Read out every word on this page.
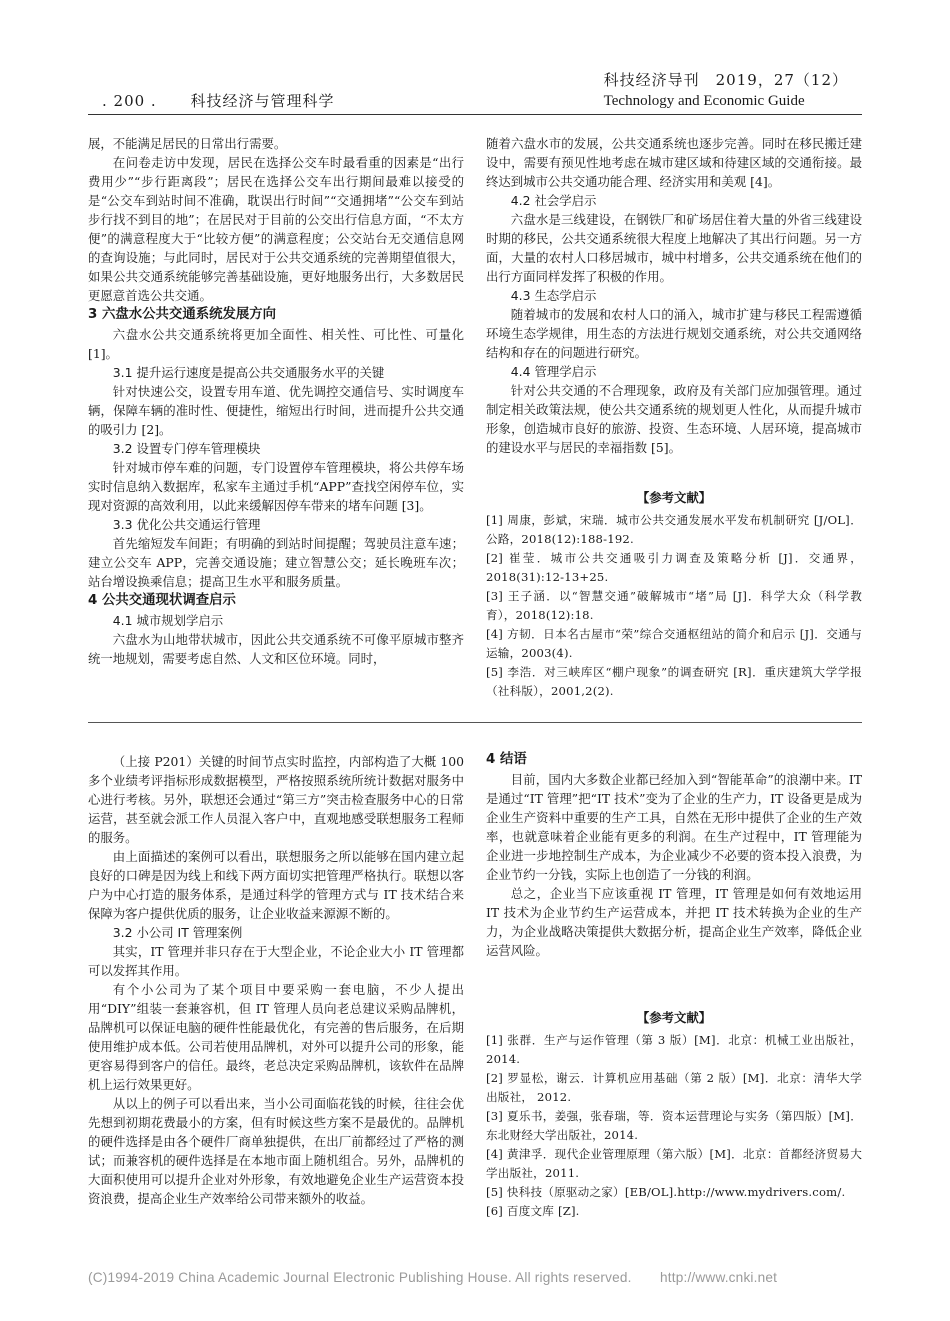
. 200 . 科技经济与管理科学
科技经济导刊　2019，27（12）
Technology and Economic Guide

展，不能满足居民的日常出行需要。

在问卷走访中发现，居民在选择公交车时最看重的因素是“出行费用少”“步行距离段”；居民在选择公交车出行期间最难以接受的是“公交车到站时间不准确，耽误出行时间”“交通拥堵”“公交车到站步行找不到目的地”；在居民对于目前的公交出行信息方面，“不太方便”的满意程度大于“比较方便”的满意程度；公交站台无交通信息网的查询设施；与此同时，居民对于公共交通系统的完善期望值很大，如果公共交通系统能够完善基础设施，更好地服务出行，大多数居民更愿意首选公共交通。

3 六盘水公共交通系统发展方向

六盘水公共交通系统将更加全面性、相关性、可比性、可量化 [1]。

3.1 提升运行速度是提高公共交通服务水平的关键

针对快速公交，设置专用车道、优先调控交通信号、实时调度车辆，保障车辆的准时性、便捷性，缩短出行时间，进而提升公共交通的吸引力 [2]。

3.2 设置专门停车管理模块

针对城市停车难的问题，专门设置停车管理模块，将公共停车场实时信息纳入数据库，私家车主通过手机“APP”查找空闲停车位，实现对资源的高效利用，以此来缓解因停车带来的堵车问题 [3]。

3.3 优化公共交通运行管理

首先缩短发车间距；有明确的到站时间提醒；驾驶员注意车速；建立公交车 APP，完善交通设施；建立智慧公交；延长晚班车次；站台增设换乘信息；提高卫生水平和服务质量。

4 公共交通现状调查启示
4.1 城市规划学启示

六盘水为山地带状城市，因此公共交通系统不可像平原城市整齐统一地规划，需要考虑自然、人文和区位环境。同时，

随着六盘水市的发展，公共交通系统也逐步完善。同时在移民搬迁建设中，需要有预见性地考虑在城市建区域和待建区域的交通衔接。最终达到城市公共交通功能合理、经济实用和美观 [4]。

4.2 社会学启示

六盘水是三线建设，在钢铁厂和矿场居住着大量的外省三线建设时期的移民，公共交通系统很大程度上地解决了其出行问题。另一方面，大量的农村人口移居城市，城中村增多，公共交通系统在他们的出行方面同样发挥了积极的作用。

4.3 生态学启示

随着城市的发展和农村人口的涌入，城市扩建与移民工程需遵循环境生态学规律，用生态的方法进行规划交通系统，对公共交通网络结构和存在的问题进行研究。

4.4 管理学启示

针对公共交通的不合理现象，政府及有关部门应加强管理。通过制定相关政策法规，使公共交通系统的规划更人性化，从而提升城市形象，创造城市良好的旅游、投资、生态环境、人居环境，提高城市的建设水平与居民的幸福指数 [5]。

【参考文献】
[1] 周康，彭斌，宋瑞．城市公共交通发展水平发布机制研究 [J/OL]．公路，2018(12):188-192.
[2] 崔莹．城市公共交通吸引力调查及策略分析 [J]．交通界，2018(31):12-13+25.
[3] 王子涵．以“智慧交通”破解城市“堵”局 [J]．科学大众（科学教育），2018(12):18.
[4] 方韧．日本名古屋市“荣”综合交通枢纽站的简介和启示 [J]．交通与运输，2003(4).
[5] 李浩．对三峡库区“棚户现象”的调查研究 [R]．重庆建筑大学学报（社科版），2001,2(2).

（上接 P201）关键的时间节点实时监控，内部构造了大概 100 多个业绩考评指标形成数据模型，严格按照系统所统计数据对服务中心进行考核。另外，联想还会通过“第三方”突击检查服务中心的日常运营，甚至就会派工作人员混入客户中，直观地感受联想服务工程师的服务。

由上面描述的案例可以看出，联想服务之所以能够在国内建立起良好的口碑是因为线上和线下两方面切实把管理严格执行。联想以客户为中心打造的服务体系，是通过科学的管理方式与 IT 技术结合来保障为客户提供优质的服务，让企业收益来源源不断的。

3.2 小公司 IT 管理案例

其实，IT 管理并非只存在于大型企业，不论企业大小 IT 管理都可以发挥其作用。

有个小公司为了某个项目中要采购一套电脑，不少人提出用“DIY”组装一套兼容机，但 IT 管理人员向老总建议采购品牌机，品牌机可以保证电脑的硬件性能最优化，有完善的售后服务，在后期使用维护成本低。公司若使用品牌机，对外可以提升公司的形象，能更容易得到客户的信任。最终，老总决定采购品牌机，该软件在品牌机上运行效果更好。

从以上的例子可以看出来，当小公司面临花钱的时候，往往会优先想到初期花费最小的方案，但有时候这些方案不是最优的。品牌机的硬件选择是由各个硬件厂商单独提供，在出厂前都经过了严格的测试；而兼容机的硬件选择是在本地市面上随机组合。另外，品牌机的大面积使用可以提升企业对外形象，有效地避免企业生产运营资本投资浪费，提高企业生产效率给公司带来额外的收益。

4 结语

目前，国内大多数企业都已经加入到“智能革命”的浪潮中来。IT 是通过“IT 管理”把“IT 技术”变为了企业的生产力，IT 设备更是成为企业生产资料中重要的生产工具，自然在无形中提供了企业的生产效率，也就意味着企业能有更多的利润。在生产过程中，IT 管理能为企业进一步地控制生产成本，为企业减少不必要的资本投入浪费，为企业节约一分钱，实际上也创造了一分钱的利润。

总之，企业当下应该重视 IT 管理，IT 管理是如何有效地运用 IT 技术为企业节约生产运营成本，并把 IT 技术转换为企业的生产力，为企业战略决策提供大数据分析，提高企业生产效率，降低企业运营风险。

【参考文献】
[1] 张群．生产与运作管理（第 3 版）[M]．北京：机械工业出版社，2014.
[2] 罗显松，谢云．计算机应用基础（第 2 版）[M]．北京：清华大学出版社， 2012.
[3] 夏乐书，姜强，张春瑞，等．资本运营理论与实务（第四版）[M]．东北财经大学出版社，2014.
[4] 黄津孚．现代企业管理原理（第六版）[M]．北京：首都经济贸易大学出版社，2011.
[5] 快科技（原驱动之家）[EB/OL].http://www.mydrivers.com/.
[6] 百度文库 [Z].
(C)1994-2019 China Academic Journal Electronic Publishing House. All rights reserved. http://www.cnki.net
